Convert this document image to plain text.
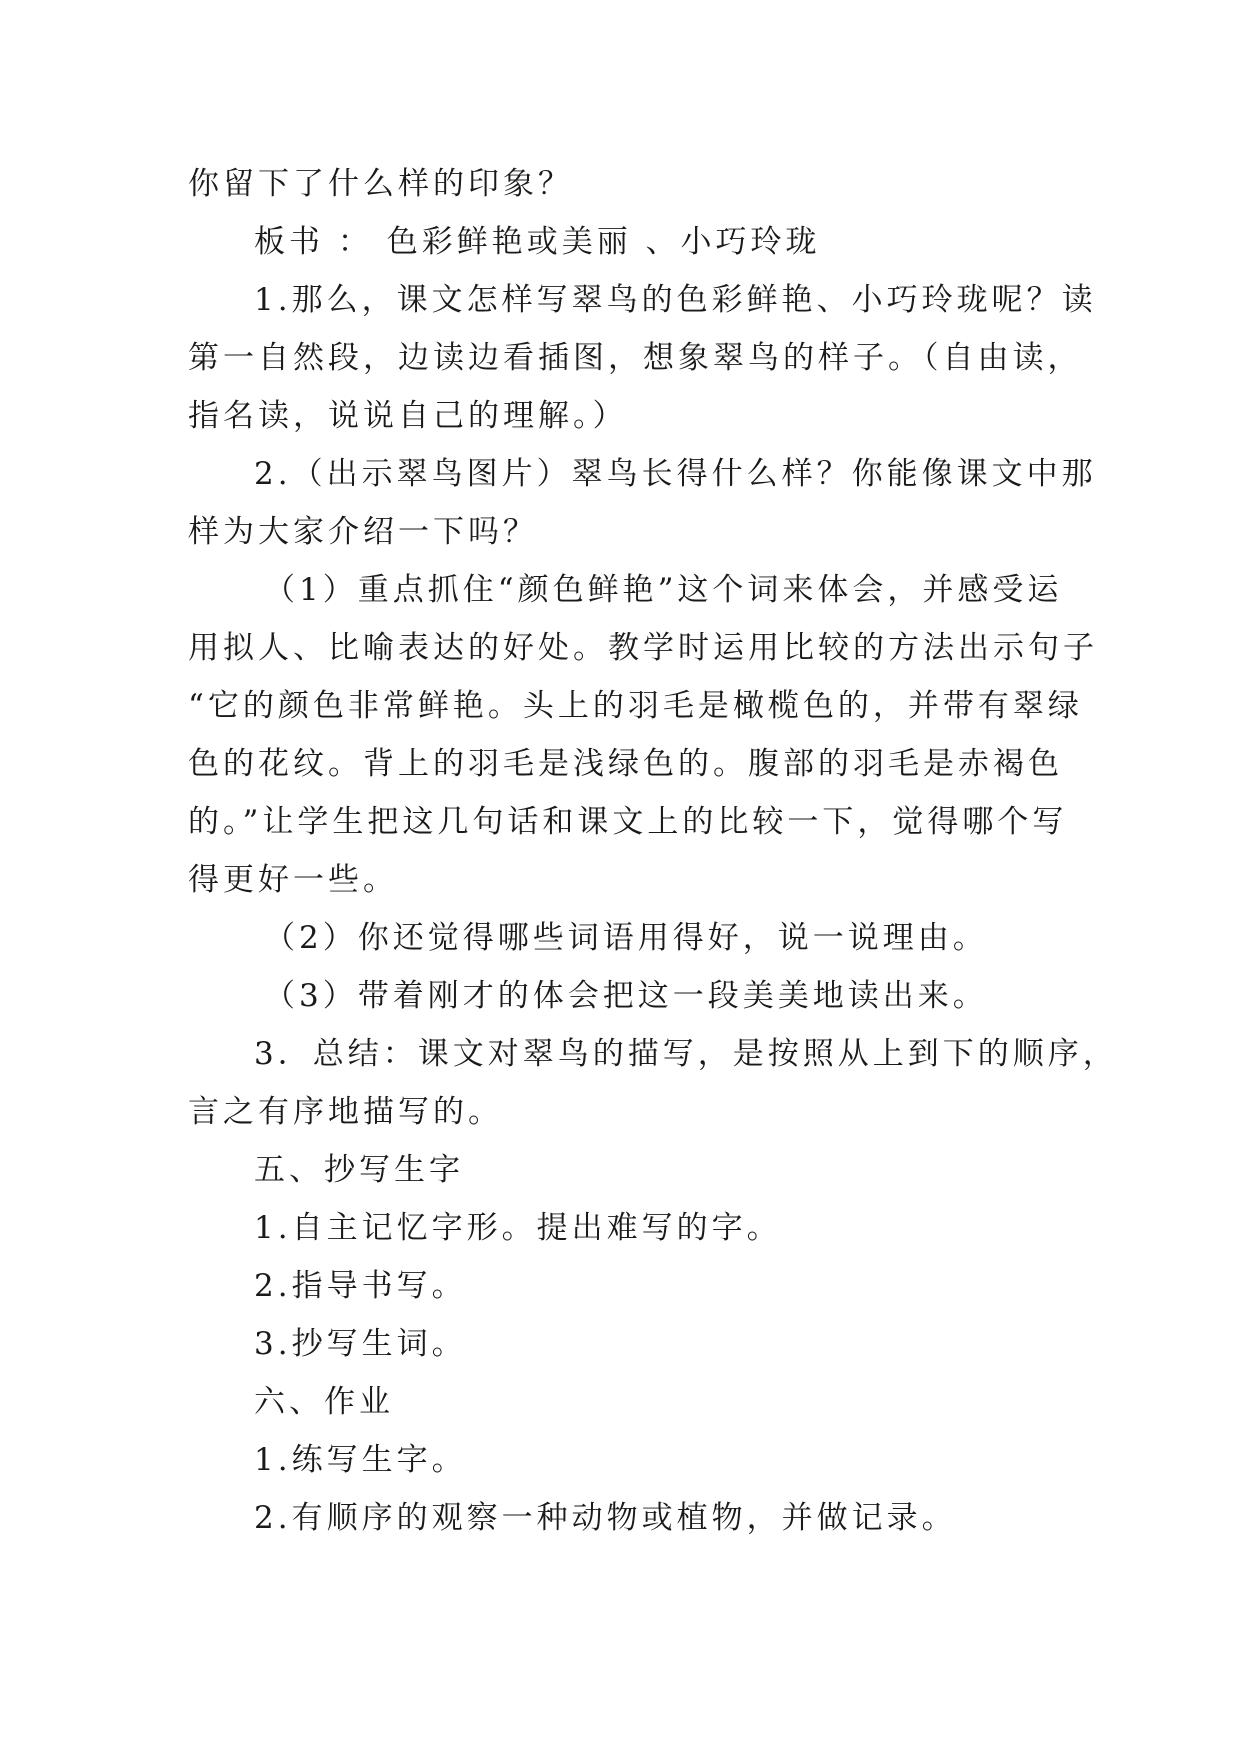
你留下了什么样的印象？
板书 ： 色彩鲜艳或美丽 、小巧玲珑
1.那么，课文怎样写翠鸟的色彩鲜艳、小巧玲珑呢？读
第一自然段，边读边看插图，想象翠鸟的样子。（自由读，
指名读，说说自己的理解。）
2.（出示翠鸟图片）翠鸟长得什么样？你能像课文中那
样为大家介绍一下吗？
（1）重点抓住“颜色鲜艳”这个词来体会，并感受运
用拟人、比喻表达的好处。教学时运用比较的方法出示句子
“它的颜色非常鲜艳。头上的羽毛是橄榄色的，并带有翠绿
色的花纹。背上的羽毛是浅绿色的。腹部的羽毛是赤褐色
的。”让学生把这几句话和课文上的比较一下，觉得哪个写
得更好一些。
（2）你还觉得哪些词语用得好，说一说理由。
（3）带着刚才的体会把这一段美美地读出来。
3．总结：课文对翠鸟的描写，是按照从上到下的顺序，
言之有序地描写的。
五、抄写生字
1.自主记忆字形。提出难写的字。
2.指导书写。
3.抄写生词。
六、作业
1.练写生字。
2.有顺序的观察一种动物或植物，并做记录。
